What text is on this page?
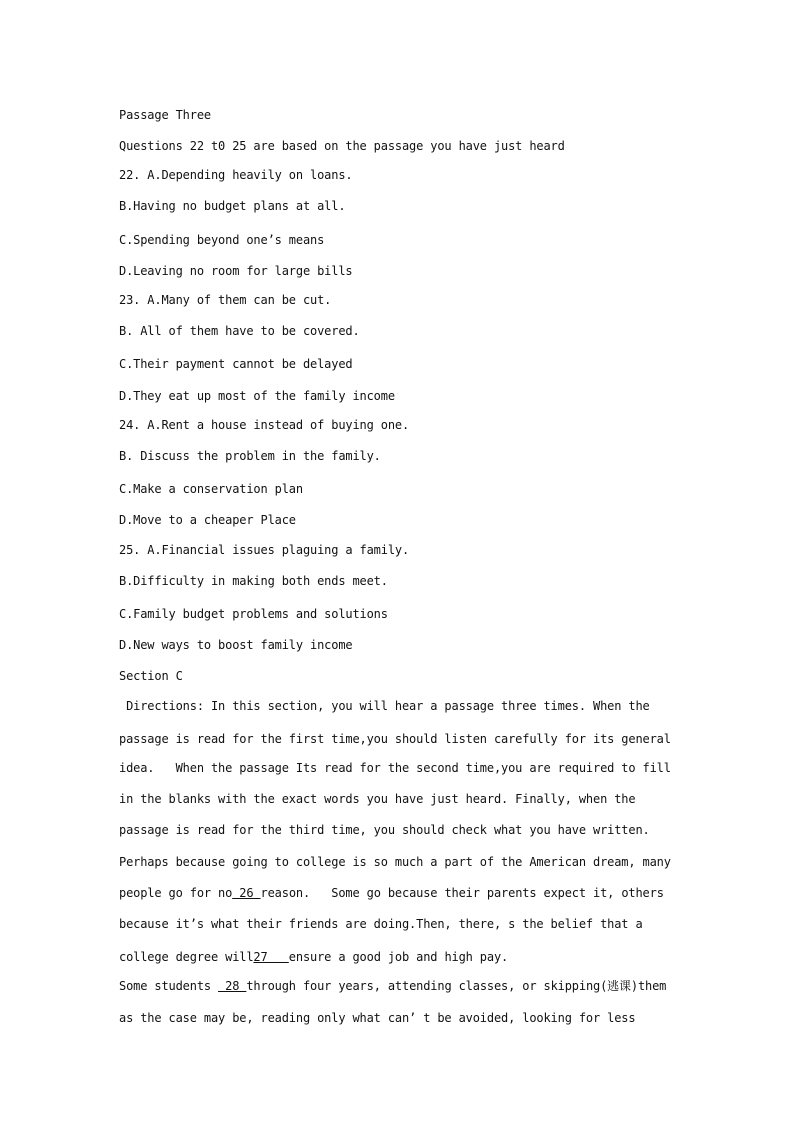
Passage Three
Questions 22 t0 25 are based on the passage you have just heard
22. A.Depending heavily on loans.
B.Having no budget plans at all.
C.Spending beyond one’s means
D.Leaving no room for large bills
23. A.Many of them can be cut.
B. All of them have to be covered.
C.Their payment cannot be delayed
D.They eat up most of the family income
24. A.Rent a house instead of buying one.
B. Discuss the problem in the family.
C.Make a conservation plan
D.Move to a cheaper Place
25. A.Financial issues plaguing a family.
B.Difficulty in making both ends meet.
C.Family budget problems and solutions
D.New ways to boost family income
Section C
Directions: In this section, you will hear a passage three times. When the
passage is read for the first time,you should listen carefully for its general
idea.   When the passage Its read for the second time,you are required to fill
in the blanks with the exact words you have just heard. Finally, when the
passage is read for the third time, you should check what you have written.
Perhaps because going to college is so much a part of the American dream, many
people go for no 26 reason.   Some go because their parents expect it, others
because it’s what their friends are doing.Then, there, s the belief that a
college degree will27   ensure a good job and high pay.
Some students  28 through four years, attending classes, or skipping(逃课)them
as the case may be, reading only what can’ t be avoided, looking for less
